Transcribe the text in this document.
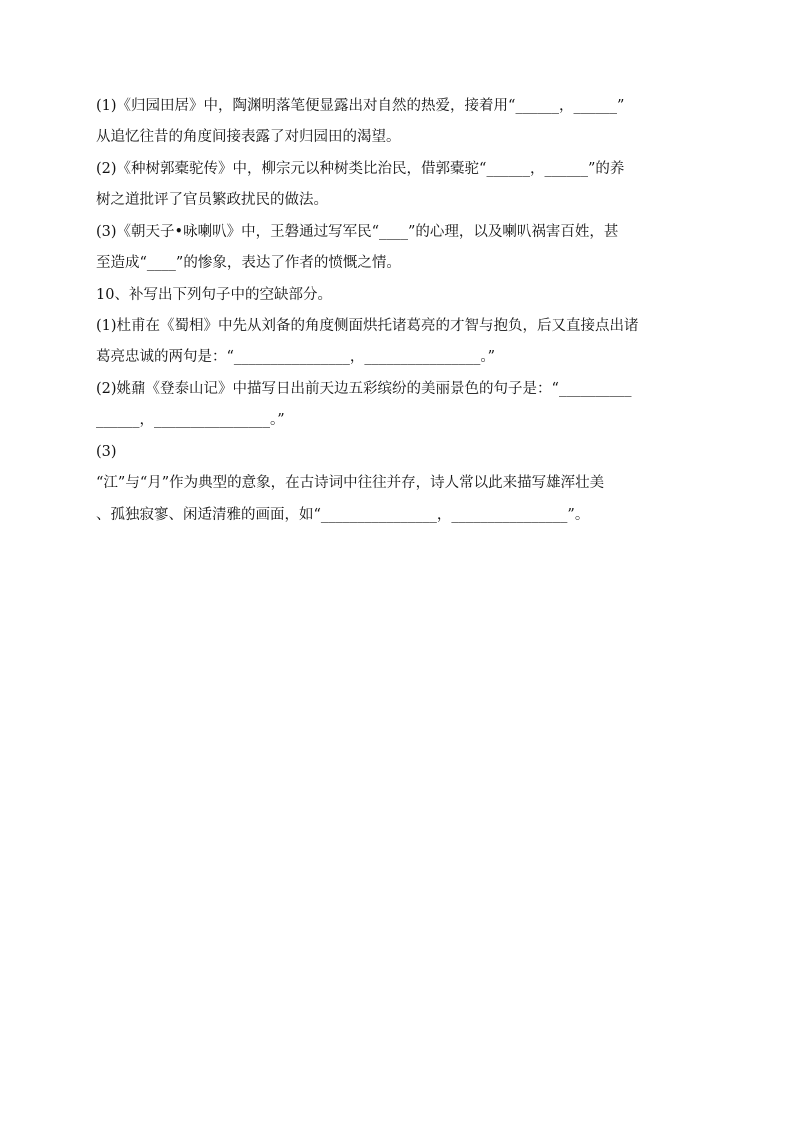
(1)《归园田居》中，陶渊明落笔便显露出对自然的热爱，接着用“______，______”
从追忆往昔的角度间接表露了对归园田的渴望。
(2)《种树郭橐驼传》中，柳宗元以种树类比治民，借郭橐驼“______，______”的养
树之道批评了官员繁政扰民的做法。
(3)《朝天子•咏喇叭》中，王磐通过写军民“____”的心理，以及喇叭祸害百姓，甚
至造成“____”的惨象，表达了作者的愤慨之情。
10、补写出下列句子中的空缺部分。
(1)杜甫在《蜀相》中先从刘备的角度侧面烘托诸葛亮的才智与抱负，后又直接点出诸
葛亮忠诚的两句是：“________________，________________。”
(2)姚鼐《登泰山记》中描写日出前天边五彩缤纷的美丽景色的句子是：“__________
______，________________。”
(3)
“江”与“月”作为典型的意象，在古诗词中往往并存，诗人常以此来描写雄浑壮美
、孤独寂寥、闲适清雅的画面，如“________________，________________”。
